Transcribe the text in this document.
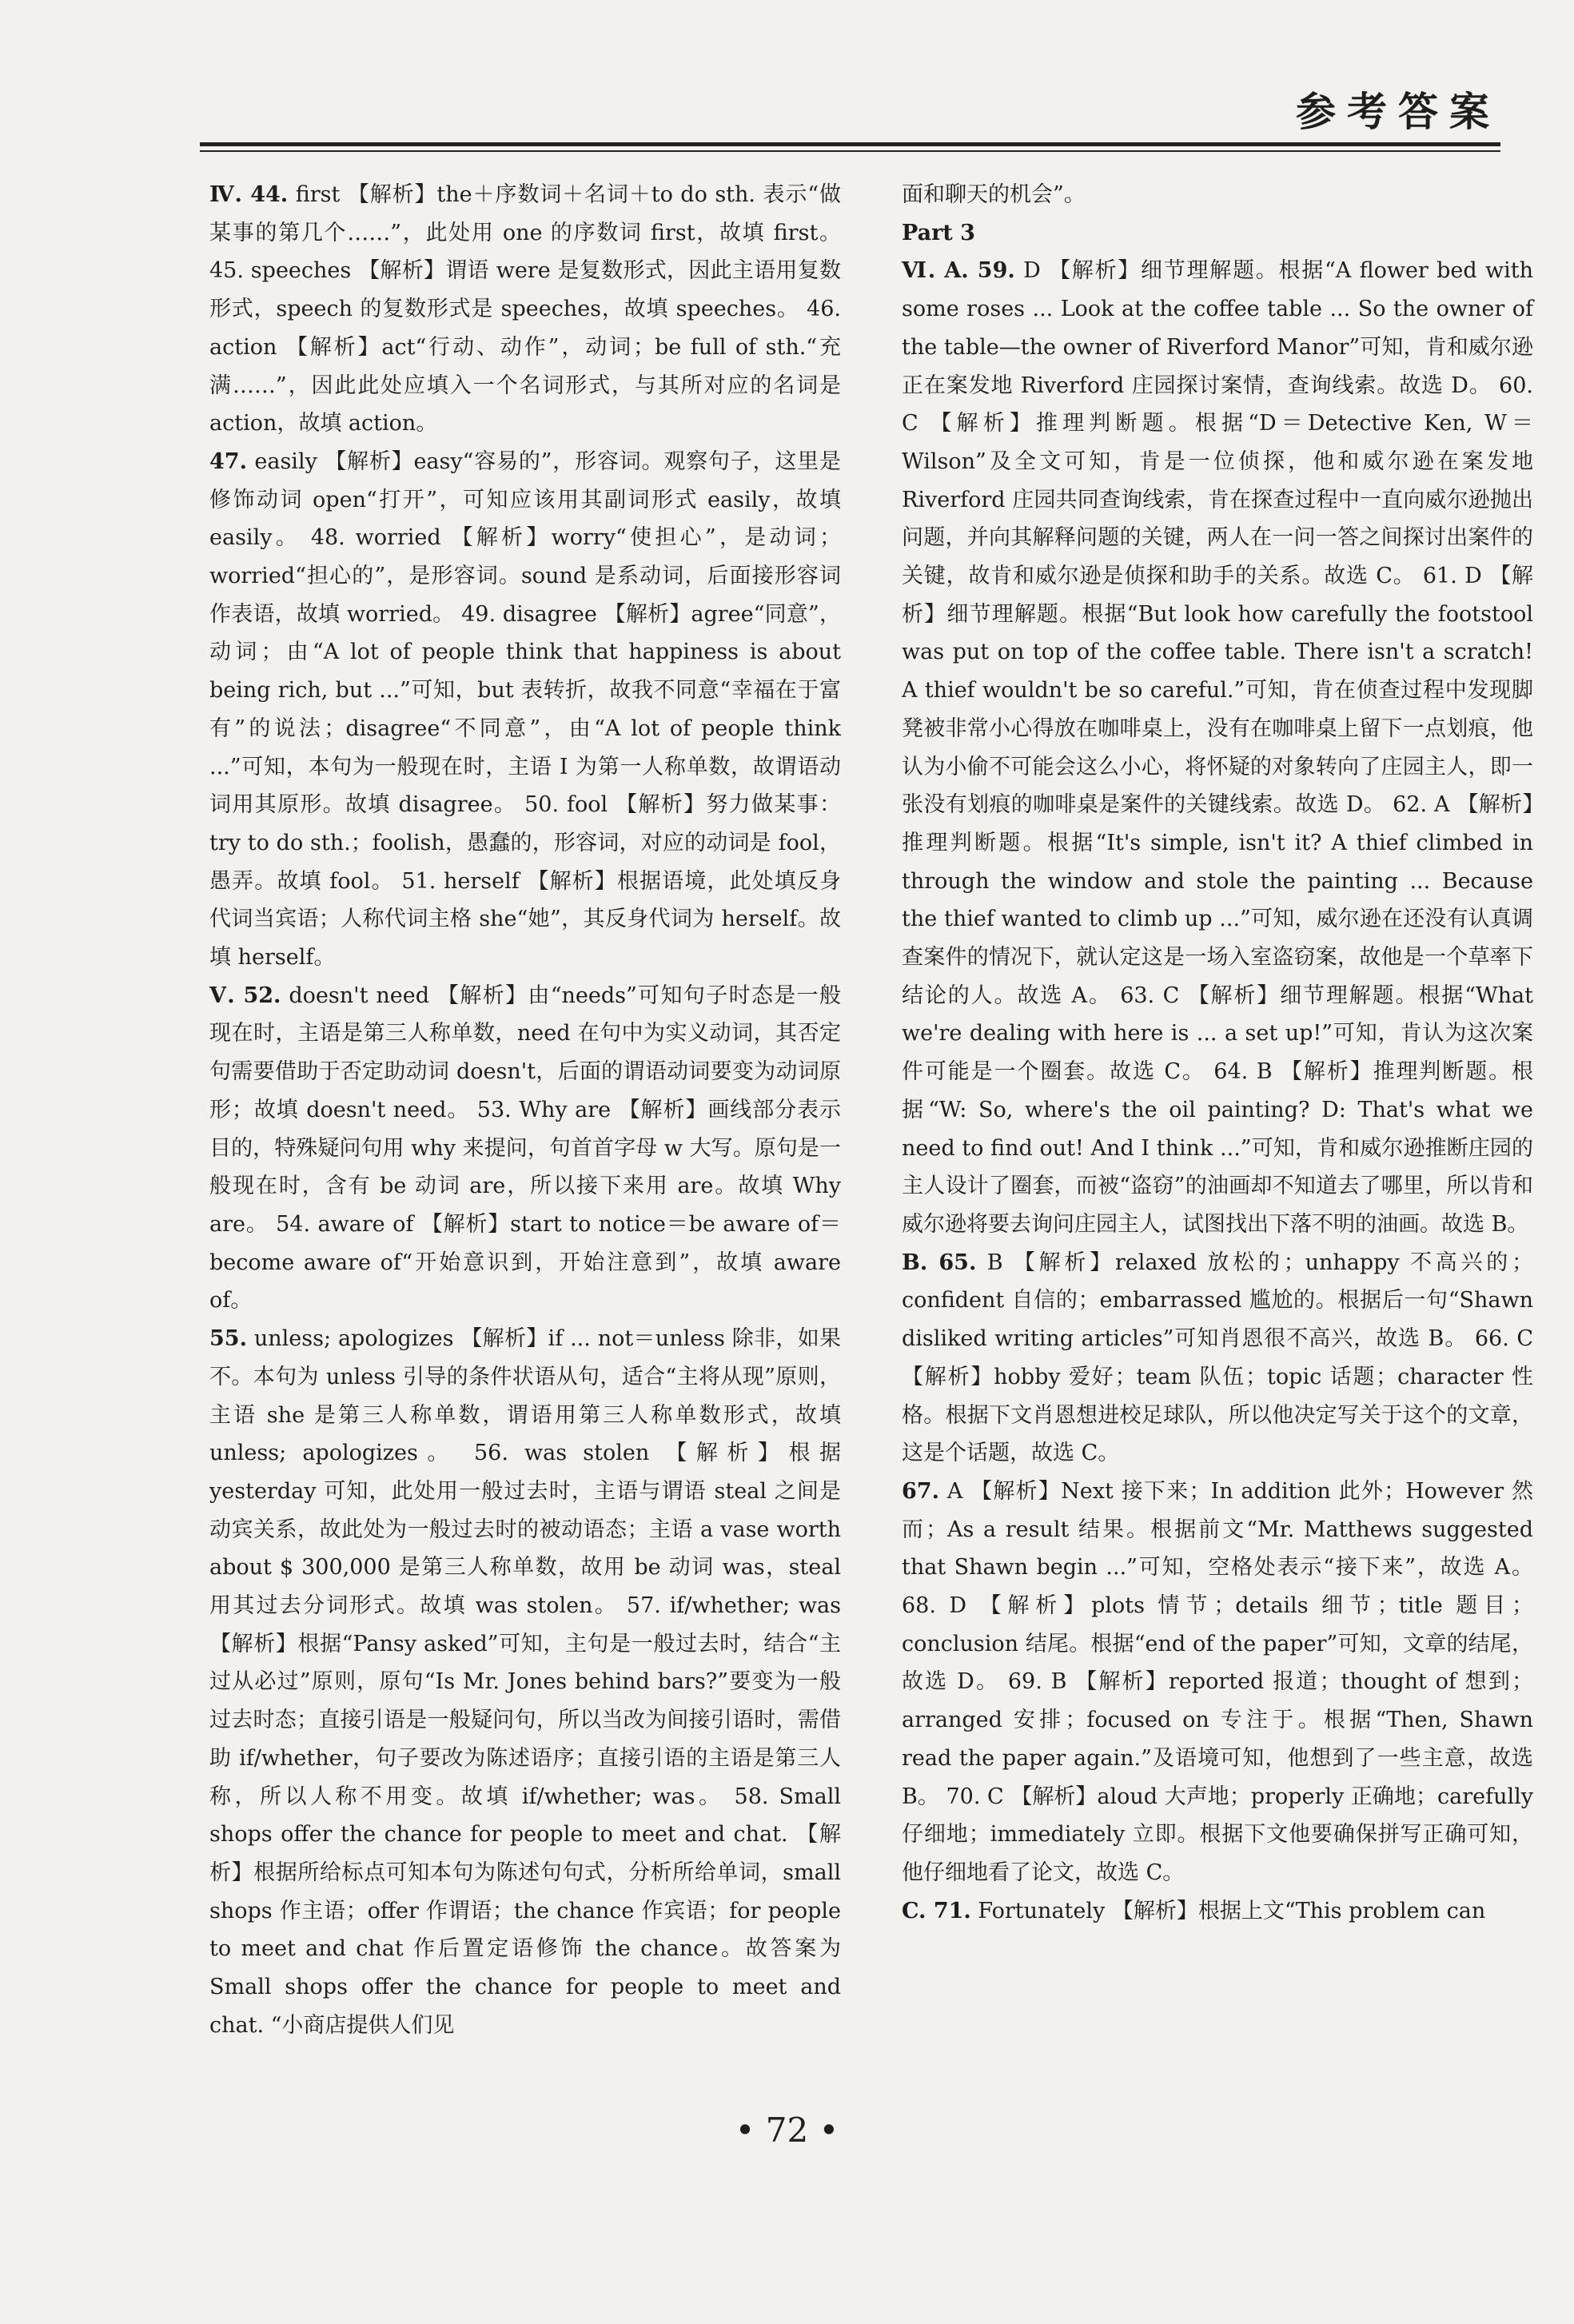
参考答案

Ⅳ. 44. first 【解析】the＋序数词＋名词＋to do sth. 表示“做某事的第几个……”，此处用 one 的序数词 first，故填 first。 45. speeches 【解析】谓语 were 是复数形式，因此主语用复数形式，speech 的复数形式是 speeches，故填 speeches。 46. action 【解析】act“行动、动作”，动词；be full of sth.“充满……”，因此此处应填入一个名词形式，与其所对应的名词是 action，故填 action。

47. easily 【解析】easy“容易的”，形容词。观察句子，这里是修饰动词 open“打开”，可知应该用其副词形式 easily，故填 easily。 48. worried 【解析】worry“使担心”，是动词；worried“担心的”，是形容词。sound 是系动词，后面接形容词作表语，故填 worried。 49. disagree 【解析】agree“同意”，动词；由“A lot of people think that happiness is about being rich, but ...”可知，but 表转折，故我不同意“幸福在于富有”的说法；disagree“不同意”，由“A lot of people think ...”可知，本句为一般现在时，主语 I 为第一人称单数，故谓语动词用其原形。故填 disagree。 50. fool 【解析】努力做某事：try to do sth.；foolish，愚蠢的，形容词，对应的动词是 fool，愚弄。故填 fool。 51. herself 【解析】根据语境，此处填反身代词当宾语；人称代词主格 she“她”，其反身代词为 herself。故填 herself。

Ⅴ. 52. doesn't need 【解析】由“needs”可知句子时态是一般现在时，主语是第三人称单数，need 在句中为实义动词，其否定句需要借助于否定助动词 doesn't，后面的谓语动词要变为动词原形；故填 doesn't need。 53. Why are 【解析】画线部分表示目的，特殊疑问句用 why 来提问，句首首字母 w 大写。原句是一般现在时，含有 be 动词 are，所以接下来用 are。故填 Why are。 54. aware of 【解析】start to notice＝be aware of＝become aware of“开始意识到，开始注意到”，故填 aware of。

55. unless; apologizes 【解析】if ... not＝unless 除非，如果不。本句为 unless 引导的条件状语从句，适合“主将从现”原则，主语 she 是第三人称单数，谓语用第三人称单数形式，故填 unless; apologizes。 56. was stolen 【解析】根据 yesterday 可知，此处用一般过去时，主语与谓语 steal 之间是动宾关系，故此处为一般过去时的被动语态；主语 a vase worth about $ 300,000 是第三人称单数，故用 be 动词 was，steal 用其过去分词形式。故填 was stolen。 57. if/whether; was 【解析】根据“Pansy asked”可知，主句是一般过去时，结合“主过从必过”原则，原句“Is Mr. Jones behind bars?”要变为一般过去时态；直接引语是一般疑问句，所以当改为间接引语时，需借助 if/whether，句子要改为陈述语序；直接引语的主语是第三人称，所以人称不用变。故填 if/whether; was。 58. Small shops offer the chance for people to meet and chat. 【解析】根据所给标点可知本句为陈述句句式，分析所给单词，small shops 作主语；offer 作谓语；the chance 作宾语；for people to meet and chat 作后置定语修饰 the chance。故答案为 Small shops offer the chance for people to meet and chat. “小商店提供人们见

面和聊天的机会”。

Part 3

Ⅵ. A. 59. D 【解析】细节理解题。根据“A flower bed with some roses ... Look at the coffee table ... So the owner of the table—the owner of Riverford Manor”可知，肯和威尔逊正在案发地 Riverford 庄园探讨案情，查询线索。故选 D。 60. C 【解析】推理判断题。根据“D＝Detective Ken, W＝Wilson”及全文可知，肯是一位侦探，他和威尔逊在案发地 Riverford 庄园共同查询线索，肯在探查过程中一直向威尔逊抛出问题，并向其解释问题的关键，两人在一问一答之间探讨出案件的关键，故肯和威尔逊是侦探和助手的关系。故选 C。 61. D 【解析】细节理解题。根据“But look how carefully the footstool was put on top of the coffee table. There isn't a scratch! A thief wouldn't be so careful.”可知，肯在侦查过程中发现脚凳被非常小心得放在咖啡桌上，没有在咖啡桌上留下一点划痕，他认为小偷不可能会这么小心，将怀疑的对象转向了庄园主人，即一张没有划痕的咖啡桌是案件的关键线索。故选 D。 62. A 【解析】推理判断题。根据“It's simple, isn't it? A thief climbed in through the window and stole the painting ... Because the thief wanted to climb up ...”可知，威尔逊在还没有认真调查案件的情况下，就认定这是一场入室盗窃案，故他是一个草率下结论的人。故选 A。 63. C 【解析】细节理解题。根据“What we're dealing with here is ... a set up!”可知，肯认为这次案件可能是一个圈套。故选 C。 64. B 【解析】推理判断题。根据“W: So, where's the oil painting? D: That's what we need to find out! And I think ...”可知，肯和威尔逊推断庄园的主人设计了圈套，而被“盗窃”的油画却不知道去了哪里，所以肯和威尔逊将要去询问庄园主人，试图找出下落不明的油画。故选 B。

B. 65. B 【解析】relaxed 放松的；unhappy 不高兴的；confident 自信的；embarrassed 尴尬的。根据后一句“Shawn disliked writing articles”可知肖恩很不高兴，故选 B。 66. C 【解析】hobby 爱好；team 队伍；topic 话题；character 性格。根据下文肖恩想进校足球队，所以他决定写关于这个的文章，这是个话题，故选 C。

67. A 【解析】Next 接下来；In addition 此外；However 然而；As a result 结果。根据前文“Mr. Matthews suggested that Shawn begin ...”可知，空格处表示“接下来”，故选 A。 68. D 【解析】plots 情节；details 细节；title 题目；conclusion 结尾。根据“end of the paper”可知，文章的结尾，故选 D。 69. B 【解析】reported 报道；thought of 想到；arranged 安排；focused on 专注于。根据“Then, Shawn read the paper again.”及语境可知，他想到了一些主意，故选 B。 70. C 【解析】aloud 大声地；properly 正确地；carefully 仔细地；immediately 立即。根据下文他要确保拼写正确可知，他仔细地看了论文，故选 C。

C. 71. Fortunately 【解析】根据上文“This problem can

• 72 •
